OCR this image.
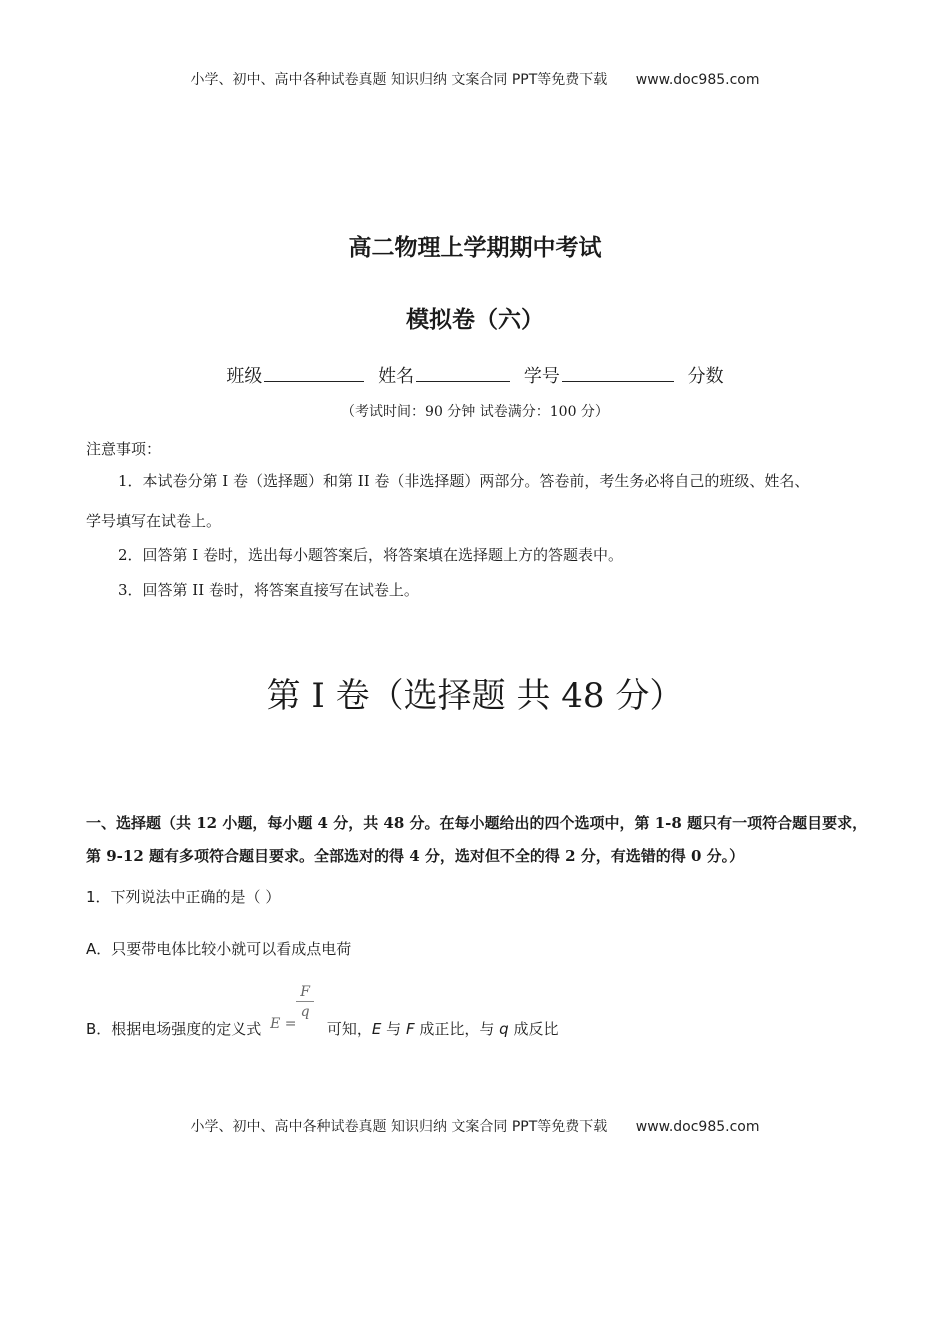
小学、初中、高中各种试卷真题 知识归纳 文案合同 PPT等免费下载 www.doc985.com
高二物理上学期期中考试
模拟卷（六）
班级	姓名	学号	分数
（考试时间：90 分钟 试卷满分：100 分）
注意事项：
1．本试卷分第 I 卷（选择题）和第 II 卷（非选择题）两部分。答卷前，考生务必将自己的班级、姓名、
学号填写在试卷上。
2．回答第 I 卷时，选出每小题答案后，将答案填在选择题上方的答题表中。
3．回答第 II 卷时，将答案直接写在试卷上。
第 I 卷（选择题 共 48 分）
一、选择题（共 12 小题，每小题 4 分，共 48 分。在每小题给出的四个选项中，第 1-8 题只有一项符合题目要求，第 9-12 题有多项符合题目要求。全部选对的得 4 分，选对但不全的得 2 分，有选错的得 0 分。）
1．下列说法中正确的是（ ）
A．只要带电体比较小就可以看成点电荷
B．根据电场强度的定义式 E =
$\frac{F}{q}$
可知，E 与 F 成正比，与 q 成反比
小学、初中、高中各种试卷真题 知识归纳 文案合同 PPT等免费下载 www.doc985.com
